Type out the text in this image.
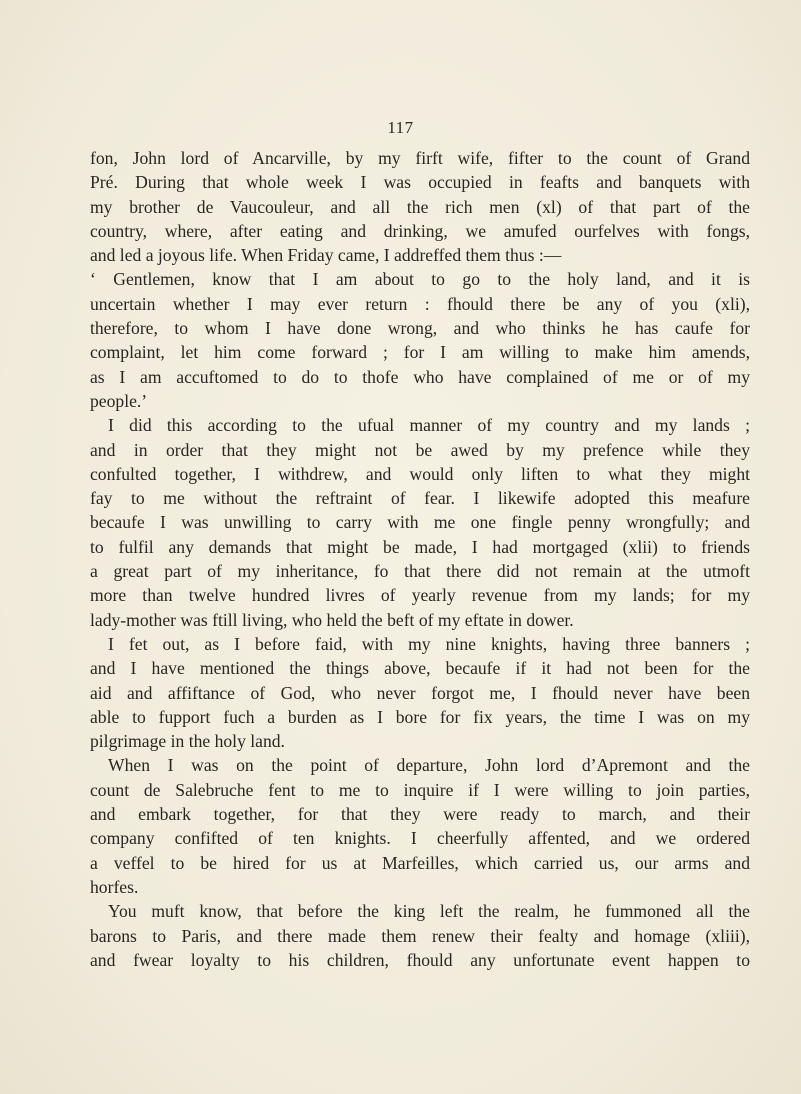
117
fon, John lord of Ancarville, by my firft wife, fifter to the count of Grand
Pré. During that whole week I was occupied in feafts and banquets with
my brother de Vaucouleur, and all the rich men (xl) of that part of the
country, where, after eating and drinking, we amufed ourfelves with fongs,
and led a joyous life. When Friday came, I addreffed them thus :—
‘ Gentlemen, know that I am about to go to the holy land, and it is
uncertain whether I may ever return : fhould there be any of you (xli),
therefore, to whom I have done wrong, and who thinks he has caufe for
complaint, let him come forward ; for I am willing to make him amends,
as I am accuftomed to do to thofe who have complained of me or of my
people.’
I did this according to the ufual manner of my country and my lands ;
and in order that they might not be awed by my prefence while they
confulted together, I withdrew, and would only liften to what they might
fay to me without the reftraint of fear. I likewife adopted this meafure
becaufe I was unwilling to carry with me one fingle penny wrongfully; and
to fulfil any demands that might be made, I had mortgaged (xlii) to friends
a great part of my inheritance, fo that there did not remain at the utmoft
more than twelve hundred livres of yearly revenue from my lands; for my
lady-mother was ftill living, who held the beft of my eftate in dower.
I fet out, as I before faid, with my nine knights, having three banners ;
and I have mentioned the things above, becaufe if it had not been for the
aid and affiftance of God, who never forgot me, I fhould never have been
able to fupport fuch a burden as I bore for fix years, the time I was on my
pilgrimage in the holy land.
When I was on the point of departure, John lord d’Apremont and the
count de Salebruche fent to me to inquire if I were willing to join parties,
and embark together, for that they were ready to march, and their
company confifted of ten knights. I cheerfully affented, and we ordered
a veffel to be hired for us at Marfeilles, which carried us, our arms and
horfes.
You muft know, that before the king left the realm, he fummoned all the
barons to Paris, and there made them renew their fealty and homage (xliii),
and fwear loyalty to his children, fhould any unfortunate event happen to
